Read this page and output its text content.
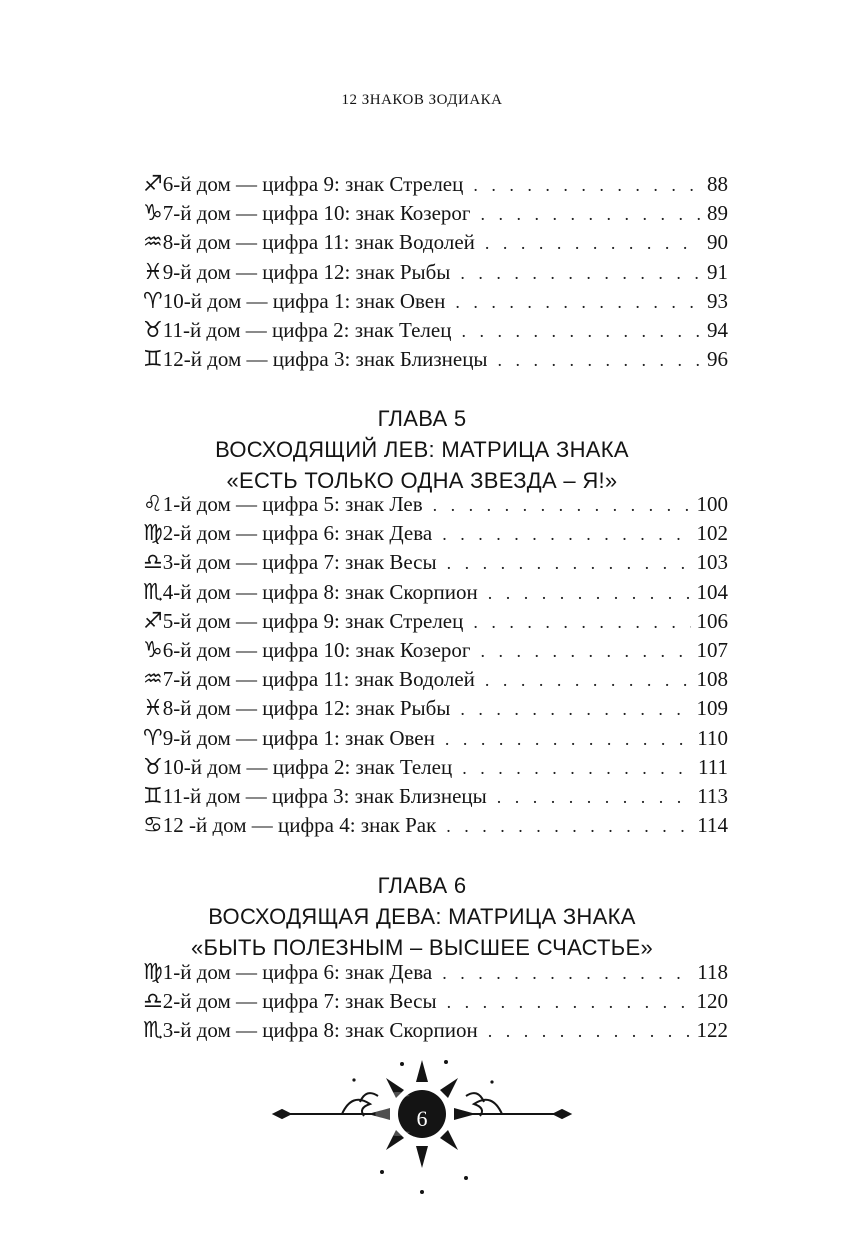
12 ЗНАКОВ ЗОДИАКА
♐ 6-й дом — цифра 9: знак Стрелец . . .	88
♑ 7-й дом — цифра 10: знак Козерог . . .	89
♒ 8-й дом — цифра 11: знак Водолей . . .	90
♓ 9-й дом — цифра 12: знак Рыбы . . .	91
♈ 10-й дом — цифра 1: знак Овен . . .	93
♉ 11-й дом — цифра 2: знак Телец . . .	94
♊ 12-й дом — цифра 3: знак Близнецы . . .	96
ГЛАВА 5
ВОСХОДЯЩИЙ ЛЕВ: МАТРИЦА ЗНАКА
«ЕСТЬ ТОЛЬКО ОДНА ЗВЕЗДА – Я!»
♌ 1-й дом — цифра 5: знак Лев . . .	100
♍ 2-й дом — цифра 6: знак Дева . . .	102
♎ 3-й дом — цифра 7: знак Весы . . .	103
♏ 4-й дом — цифра 8: знак Скорпион . . .	104
♐ 5-й дом — цифра 9: знак Стрелец . . .	106
♑ 6-й дом — цифра 10: знак Козерог . . .	107
♒ 7-й дом — цифра 11: знак Водолей . . .	108
♓ 8-й дом — цифра 12: знак Рыбы . . .	109
♈ 9-й дом — цифра 1: знак Овен . . .	110
♉ 10-й дом — цифра 2: знак Телец . . .	111
♊ 11-й дом — цифра 3: знак Близнецы . . .	113
♋ 12 -й дом — цифра 4: знак Рак . . .	114
ГЛАВА 6
ВОСХОДЯЩАЯ ДЕВА: МАТРИЦА ЗНАКА
«БЫТЬ ПОЛЕЗНЫМ – ВЫСШЕЕ СЧАСТЬЕ»
♍ 1-й дом — цифра 6: знак Дева . . .	118
♎ 2-й дом — цифра 7: знак Весы . . .	120
♏ 3-й дом — цифра 8: знак Скорпион . . .	122
6
